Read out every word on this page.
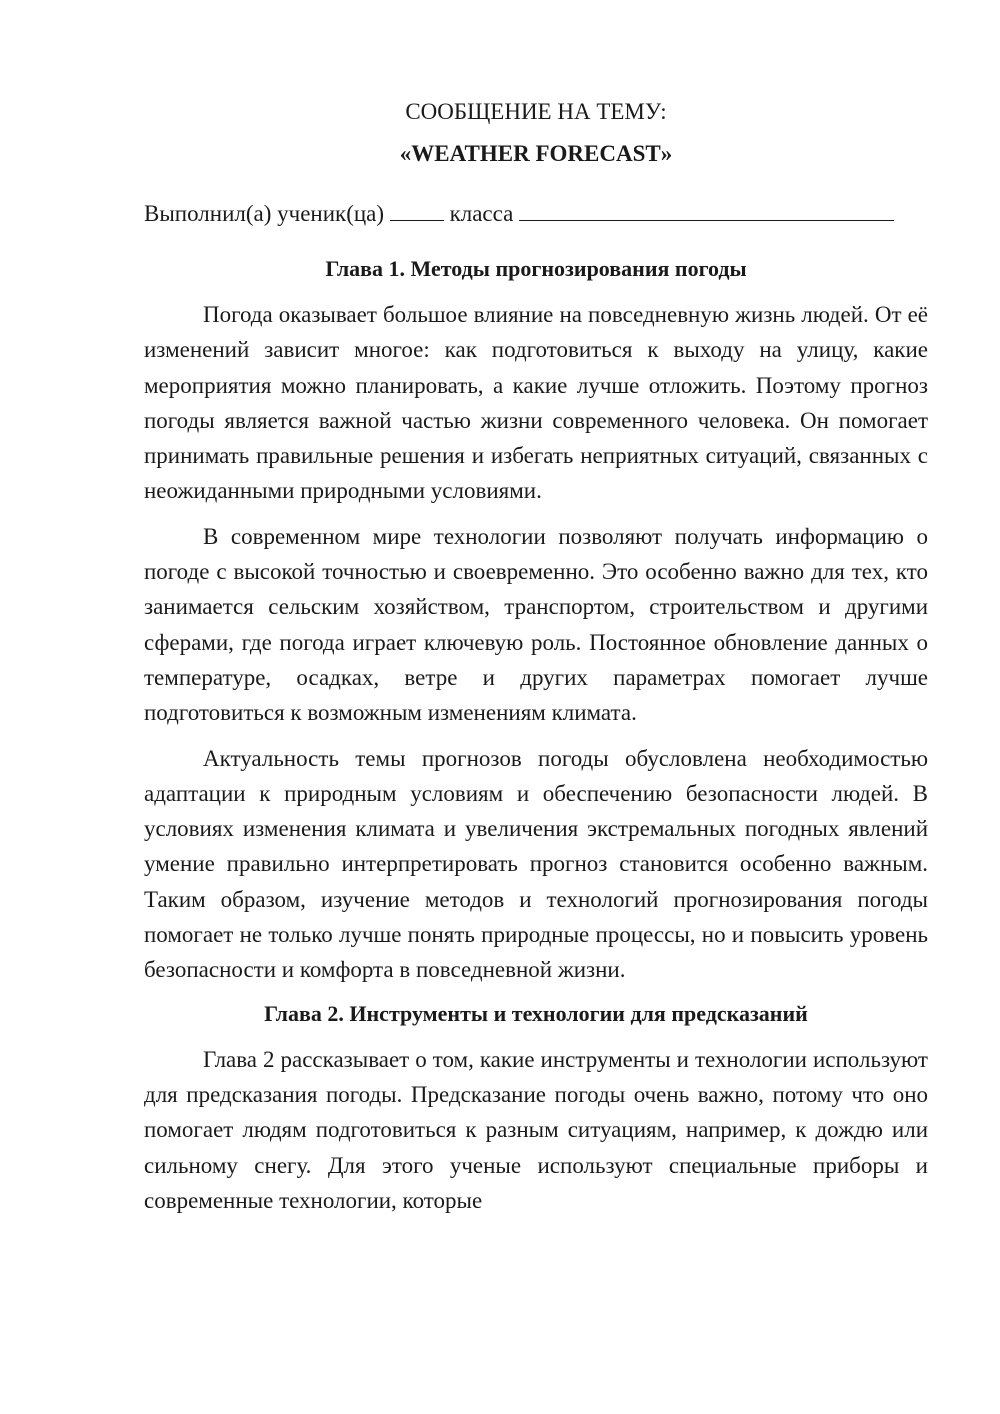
СООБЩЕНИЕ НА ТЕМУ:
«WEATHER FORECAST»
Выполнил(а) ученик(ца)	класса
Глава 1. Методы прогнозирования погоды

Погода оказывает большое влияние на повседневную жизнь людей. От её изменений зависит многое: как подготовиться к выходу на улицу, какие мероприятия можно планировать, а какие лучше отложить. Поэтому прогноз погоды является важной частью жизни современного человека. Он помогает принимать правильные решения и избегать неприятных ситуаций, связанных с неожиданными природными условиями.

В современном мире технологии позволяют получать информацию о погоде с высокой точностью и своевременно. Это особенно важно для тех, кто занимается сельским хозяйством, транспортом, строительством и другими сферами, где погода играет ключевую роль. Постоянное обновление данных о температуре, осадках, ветре и других параметрах помогает лучше подготовиться к возможным изменениям климата.

Актуальность темы прогнозов погоды обусловлена необходимостью адаптации к природным условиям и обеспечению безопасности людей. В условиях изменения климата и увеличения экстремальных погодных явлений умение правильно интерпретировать прогноз становится особенно важным. Таким образом, изучение методов и технологий прогнозирования погоды помогает не только лучше понять природные процессы, но и повысить уровень безопасности и комфорта в повседневной жизни.

Глава 2. Инструменты и технологии для предсказаний

Глава 2 рассказывает о том, какие инструменты и технологии используют для предсказания погоды. Предсказание погоды очень важно, потому что оно помогает людям подготовиться к разным ситуациям, например, к дождю или сильному снегу. Для этого ученые используют специальные приборы и современные технологии, которые
